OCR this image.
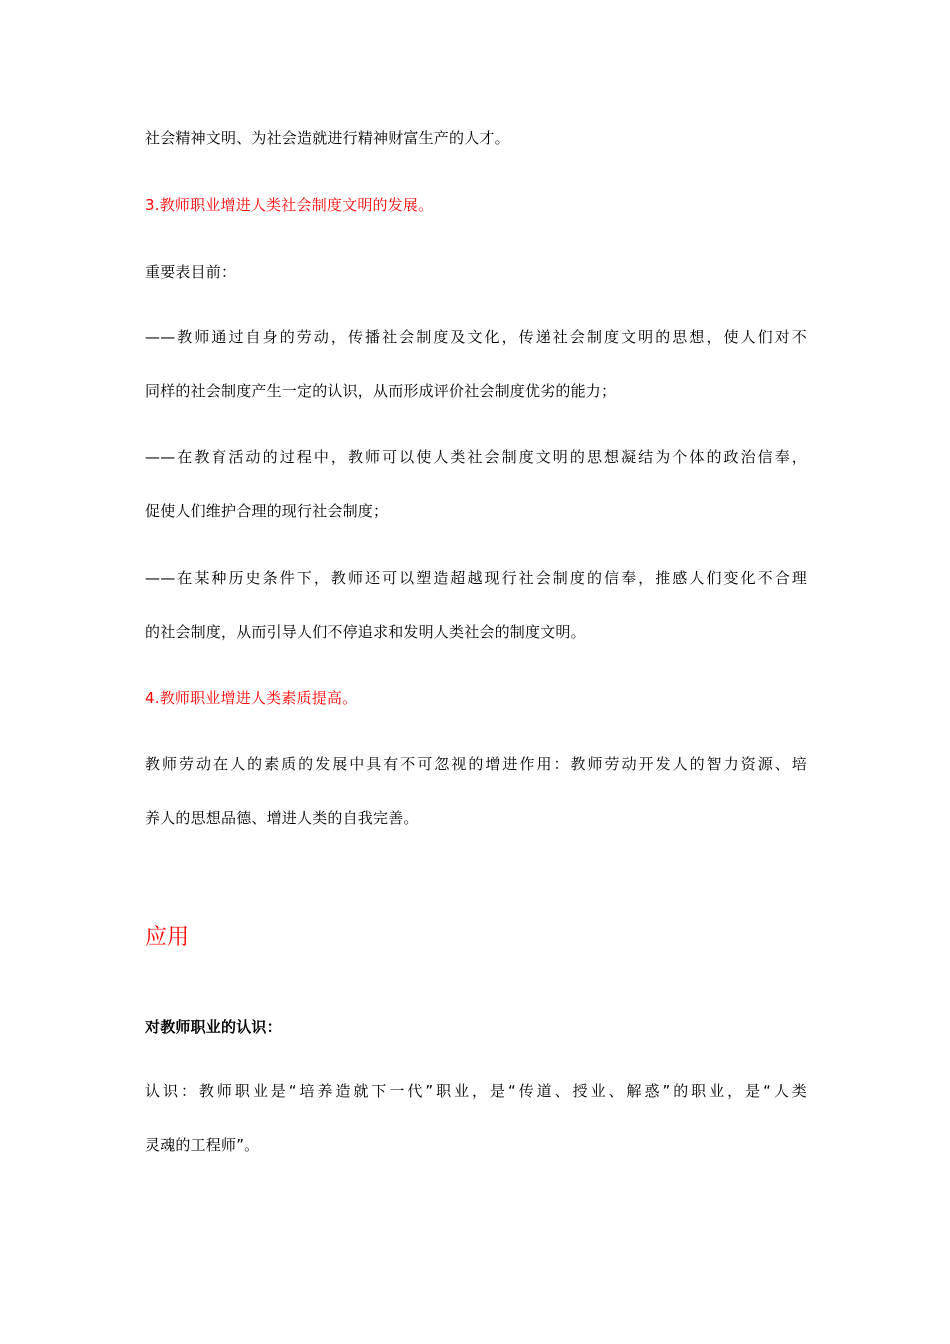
社会精神文明、为社会造就进行精神财富生产的人才。
3.教师职业增进人类社会制度文明的发展。
重要表目前：
——教师通过自身的劳动，传播社会制度及文化，传递社会制度文明的思想，使人们对不
同样的社会制度产生一定的认识，从而形成评价社会制度优劣的能力；
——在教育活动的过程中，教师可以使人类社会制度文明的思想凝结为个体的政治信奉，
促使人们维护合理的现行社会制度；
——在某种历史条件下，教师还可以塑造超越现行社会制度的信奉，推感人们变化不合理
的社会制度，从而引导人们不停追求和发明人类社会的制度文明。
4.教师职业增进人类素质提高。
教师劳动在人的素质的发展中具有不可忽视的增进作用：教师劳动开发人的智力资源、培
养人的思想品德、增进人类的自我完善。
应用
对教师职业的认识：
认识：教师职业是“培养造就下一代”职业，是“传道、授业、解惑”的职业，是“人类
灵魂的工程师”。
